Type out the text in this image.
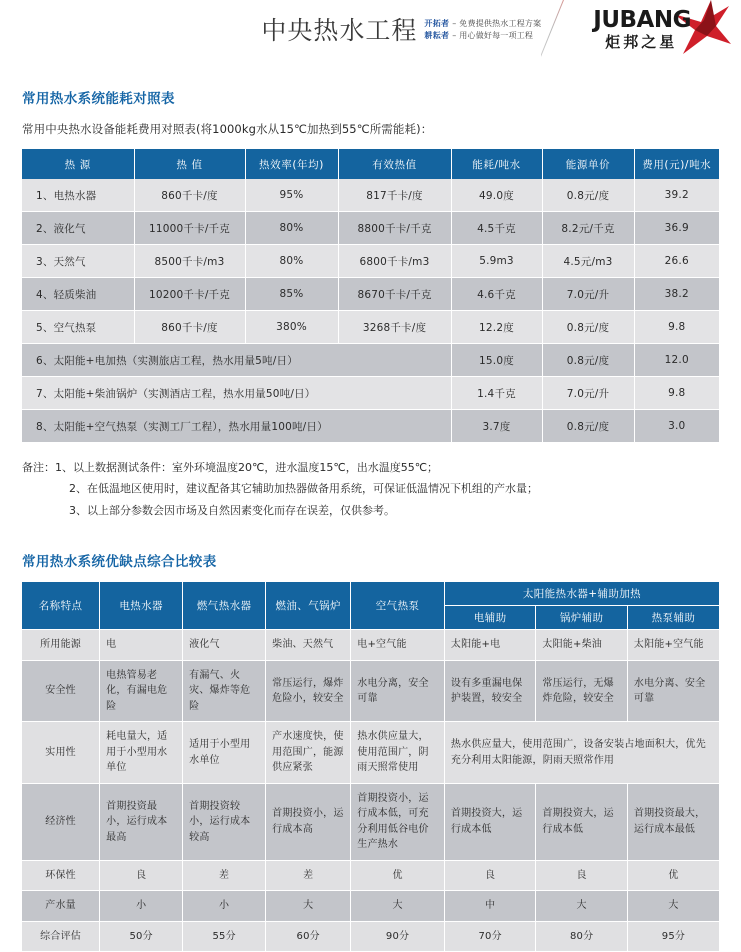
中央热水工程 开拓者 – 免费提供热水工程方案
耕耘者 – 用心做好每一项工程
JUBANG
炬邦之星
常用热水系统能耗对照表

常用中央热水设备能耗费用对照表(将1000kg水从15℃加热到55℃所需能耗)：

热 源	热 值	热效率(年均)	有效热值	能耗/吨水	能源单价	费用(元)/吨水
1、电热水器	860千卡/度	95%	817千卡/度	49.0度	0.8元/度	39.2
2、液化气	11000千卡/千克	80%	8800千卡/千克	4.5千克	8.2元/千克	36.9
3、天然气	8500千卡/m3	80%	6800千卡/m3	5.9m3	4.5元/m3	26.6
4、轻质柴油	10200千卡/千克	85%	8670千卡/千克	4.6千克	7.0元/升	38.2
5、空气热泵	860千卡/度	380%	3268千卡/度	12.2度	0.8元/度	9.8
6、太阳能+电加热（实测旅店工程，热水用量5吨/日）				15.0度	0.8元/度	12.0
7、太阳能+柴油锅炉（实测酒店工程，热水用量50吨/日）				1.4千克	7.0元/升	9.8
8、太阳能+空气热泵（实测工厂工程），热水用量100吨/日）				3.7度	0.8元/度	3.0
备注： 1、以上数据测试条件：室外环境温度20℃，进水温度15℃，出水温度55℃；
2、在低温地区使用时，建议配备其它辅助加热器做备用系统，可保证低温情况下机组的产水量；
3、以上部分参数会因市场及自然因素变化而存在误差，仅供参考。
常用热水系统优缺点综合比较表
名称特点	电热水器	燃气热水器	燃油、气锅炉	空气热泵	太阳能热水器+辅助加热		
					电辅助	锅炉辅助	热泵辅助
所用能源	电	液化气	柴油、天然气	电+空气能	太阳能+电	太阳能+柴油	太阳能+空气能
安全性	电热管易老化，有漏电危险	有漏气、火灾、爆炸等危险	常压运行，爆炸危险小，较安全	水电分离，安全可靠	设有多重漏电保护装置，较安全	常压运行，无爆炸危险，较安全	水电分离、安全可靠
实用性	耗电量大，适用于小型用水单位	适用于小型用水单位	产水速度快，使用范围广，能源供应紧张	热水供应量大，使用范围广，阴雨天照常使用	热水供应量大，使用范围广，设备安装占地面积大，优先充分利用太阳能源，阴雨天照常作用		
经济性	首期投资最小，运行成本最高	首期投资较小，运行成本较高	首期投资小，运行成本高	首期投资小，运行成本低，可充分利用低谷电价生产热水	首期投资大，运行成本低	首期投资大，运行成本低	首期投资最大，运行成本最低
环保性	良	差	差	优	良	良	优
产水量	小	小	大	大	中	大	大
综合评估	50分	55分	60分	90分	70分	80分	95分
